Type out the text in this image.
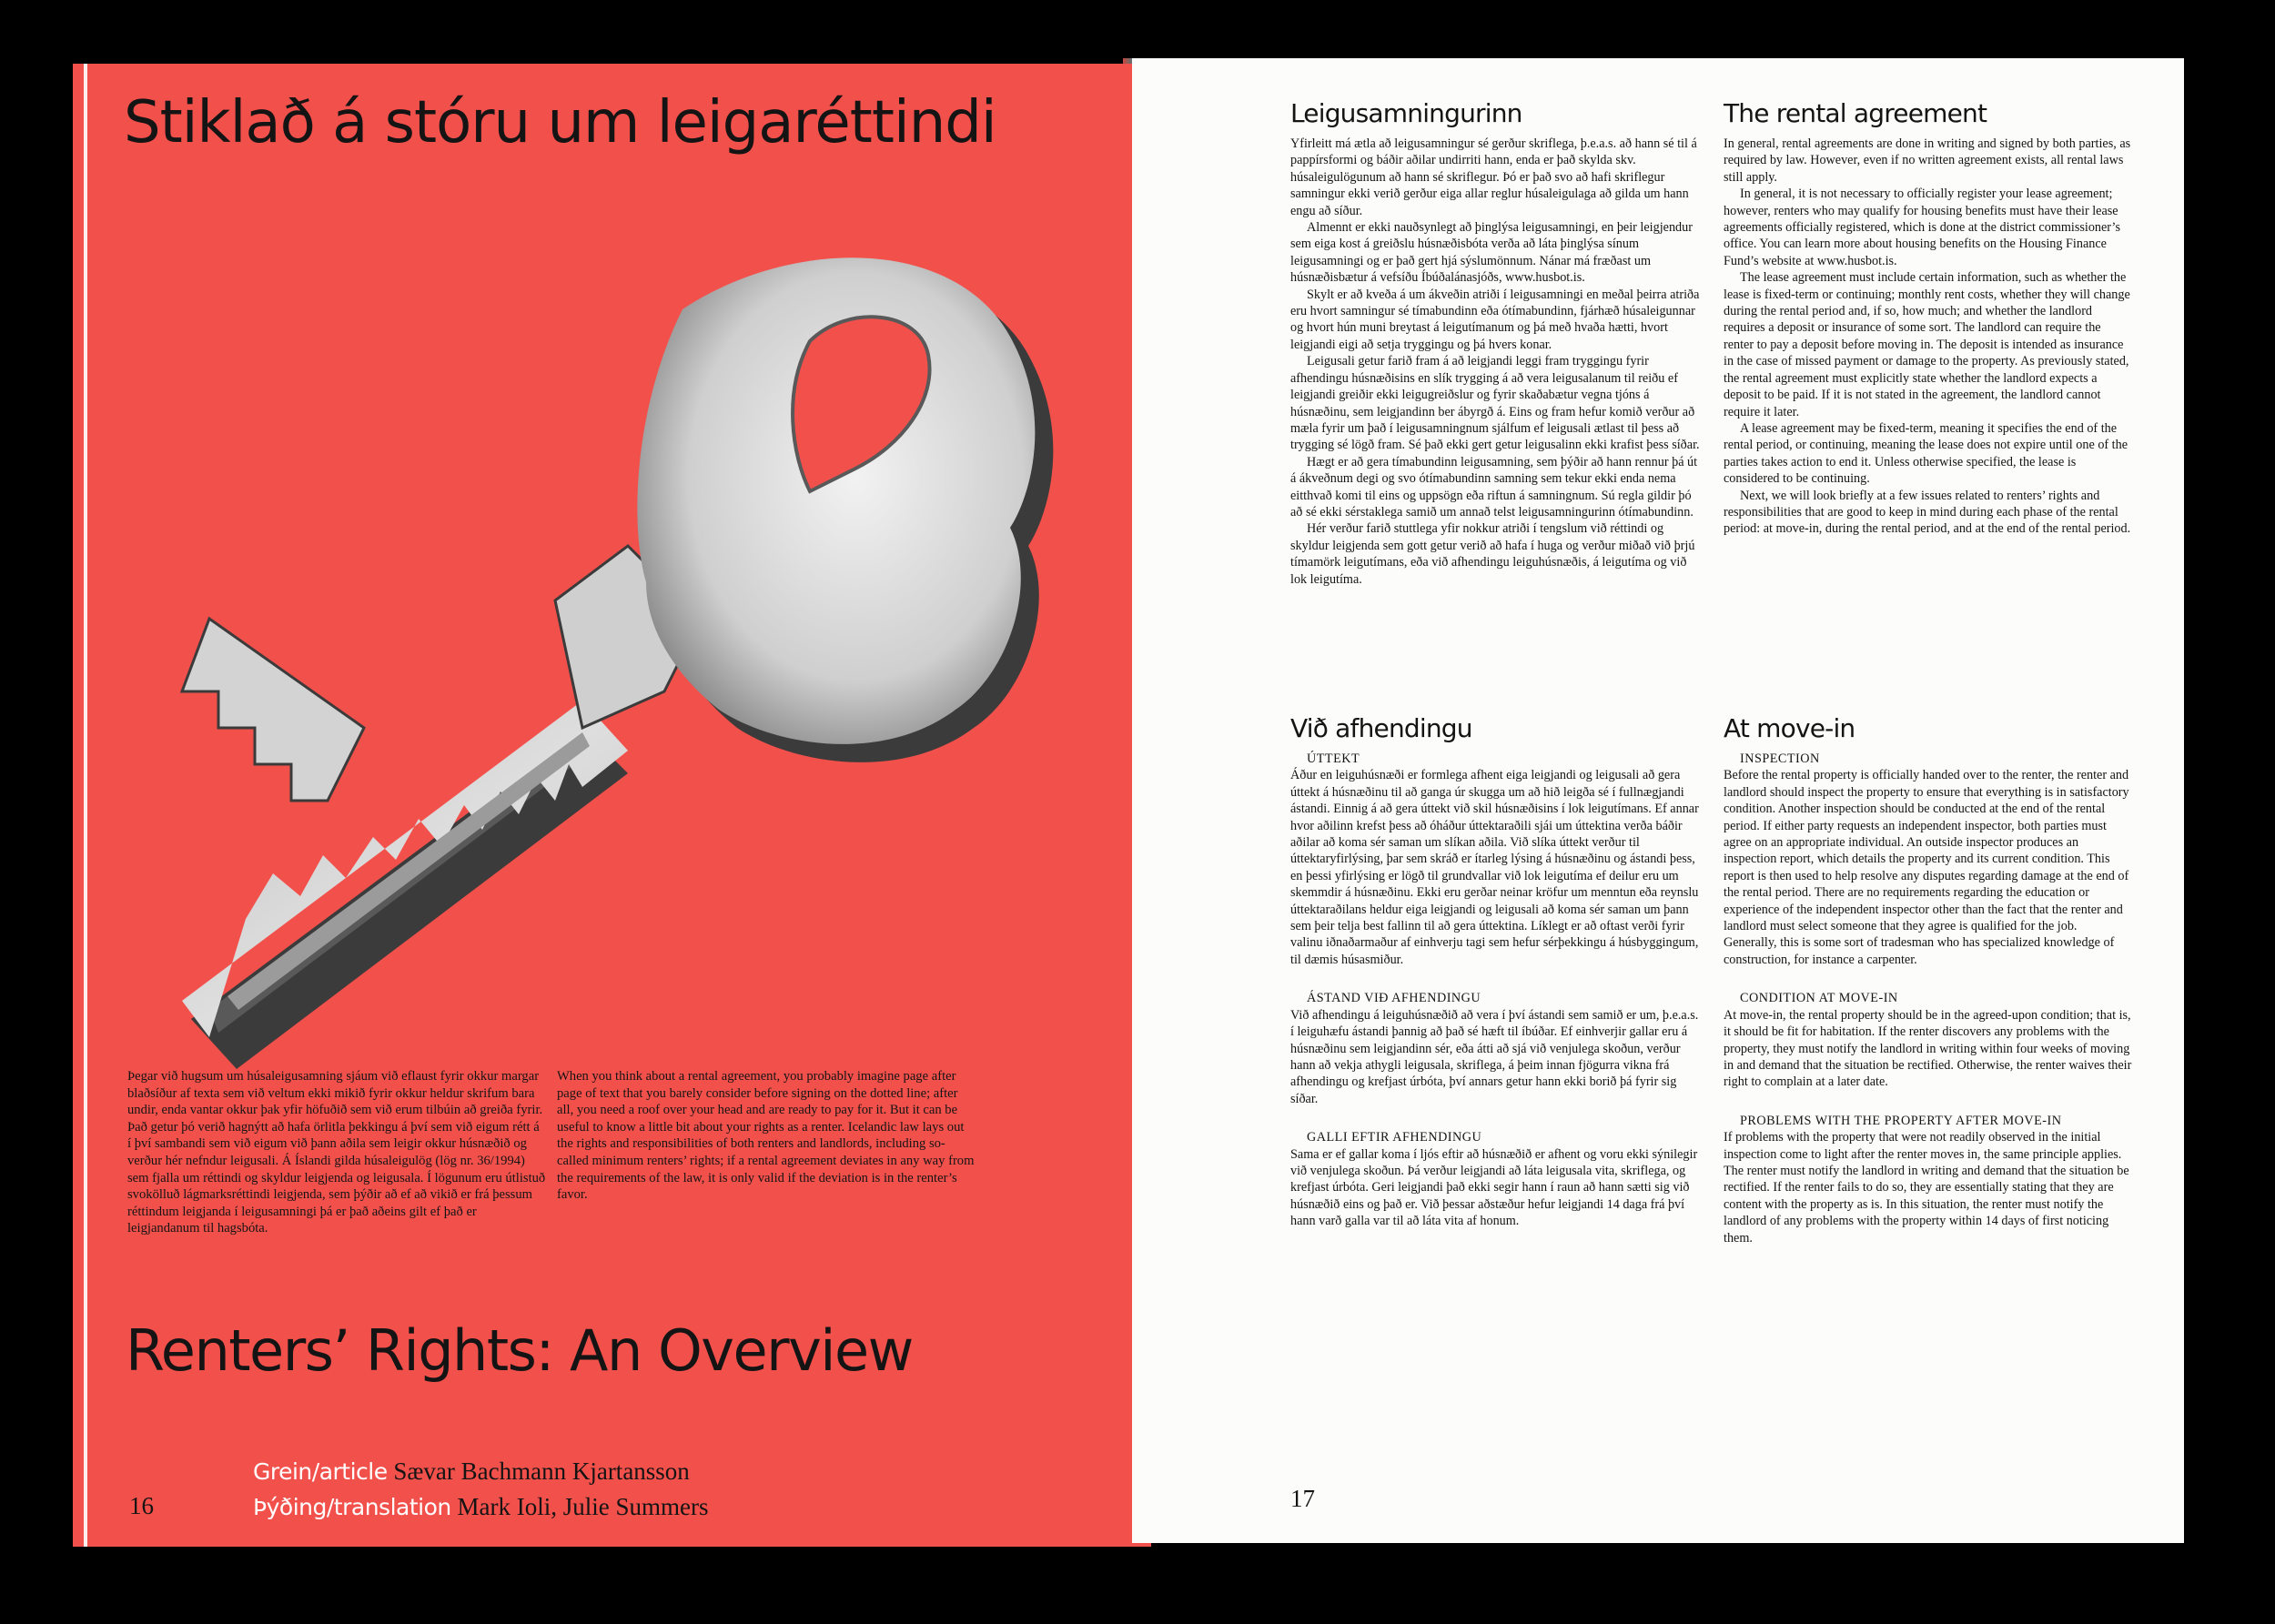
Stiklað á stóru um leigaréttindi

Þegar við hugsum um húsaleigusamning sjáum við eflaust fyrir okkur margar blaðsíður af texta sem við veltum ekki mikið fyrir okkur heldur skrifum bara undir, enda vantar okkur þak yfir höfuðið sem við erum tilbúin að greiða fyrir. Það getur þó verið hagnýtt að hafa örlitla þekkingu á því sem við eigum rétt á í því sambandi sem við eigum við þann aðila sem leigir okkur húsnæðið og verður hér nefndur leigusali. Á Íslandi gilda húsaleigulög (lög nr. 36/1994) sem fjalla um réttindi og skyldur leigjenda og leigusala. Í lögunum eru útlistuð svokölluð lágmarksréttindi leigjenda, sem þýðir að ef að vikið er frá þessum réttindum leigjanda í leigusamningi þá er það aðeins gilt ef það er leigjandanum til hagsbóta.

When you think about a rental agreement, you probably imagine page after page of text that you barely consider before signing on the dotted line; after all, you need a roof over your head and are ready to pay for it. But it can be useful to know a little bit about your rights as a renter. Icelandic law lays out the rights and responsibilities of both renters and landlords, including so-called minimum renters’ rights; if a rental agreement deviates in any way from the requirements of the law, it is only valid if the deviation is in the renter’s favor.

Renters’ Rights: An Overview
16
Grein/article Sævar Bachmann Kjartansson
Þýðing/translation Mark Ioli, Julie Summers
Leigusamningurinn

Yfirleitt má ætla að leigusamningur sé gerður skriflega, þ.e.a.s. að hann sé til á pappírsformi og báðir aðilar undirriti hann, enda er það skylda skv. húsaleigulögunum að hann sé skriflegur. Þó er það svo að hafi skriflegur samningur ekki verið gerður eiga allar reglur húsaleigulaga að gilda um hann engu að síður.

Almennt er ekki nauðsynlegt að þinglýsa leigusamningi, en þeir leigjendur sem eiga kost á greiðslu húsnæðisbóta verða að láta þinglýsa sínum leigusamningi og er það gert hjá sýslumönnum. Nánar má fræðast um húsnæðisbætur á vefsíðu Íbúðalánasjóðs, www.husbot.is.

Skylt er að kveða á um ákveðin atriði í leigusamningi en meðal þeirra atriða eru hvort samningur sé tímabundinn eða ótímabundinn, fjárhæð húsaleigunnar og hvort hún muni breytast á leigutímanum og þá með hvaða hætti, hvort leigjandi eigi að setja tryggingu og þá hvers konar.

Leigusali getur farið fram á að leigjandi leggi fram tryggingu fyrir afhendingu húsnæðisins en slík trygging á að vera leigusalanum til reiðu ef leigjandi greiðir ekki leigugreiðslur og fyrir skaðabætur vegna tjóns á húsnæðinu, sem leigjandinn ber ábyrgð á. Eins og fram hefur komið verður að mæla fyrir um það í leigusamningnum sjálfum ef leigusali ætlast til þess að trygging sé lögð fram. Sé það ekki gert getur leigusalinn ekki krafist þess síðar.

Hægt er að gera tímabundinn leigusamning, sem þýðir að hann rennur þá út á ákveðnum degi og svo ótímabundinn samning sem tekur ekki enda nema eitthvað komi til eins og uppsögn eða riftun á samningnum. Sú regla gildir þó að sé ekki sérstaklega samið um annað telst leigusamningurinn ótímabundinn.

Hér verður farið stuttlega yfir nokkur atriði í tengslum við réttindi og skyldur leigjenda sem gott getur verið að hafa í huga og verður miðað við þrjú tímamörk leigutímans, eða við afhendingu leiguhúsnæðis, á leigutíma og við lok leigutíma.

The rental agreement

In general, rental agreements are done in writing and signed by both parties, as required by law. However, even if no written agreement exists, all rental laws still apply.

In general, it is not necessary to officially register your lease agreement; however, renters who may qualify for housing benefits must have their lease agreements officially registered, which is done at the district commissioner’s office. You can learn more about housing benefits on the Housing Finance Fund’s website at www.husbot.is.

The lease agreement must include certain information, such as whether the lease is fixed-term or continuing; monthly rent costs, whether they will change during the rental period and, if so, how much; and whether the landlord requires a deposit or insurance of some sort. The landlord can require the renter to pay a deposit before moving in. The deposit is intended as insurance in the case of missed payment or damage to the property. As previously stated, the rental agreement must explicitly state whether the landlord expects a deposit to be paid. If it is not stated in the agreement, the landlord cannot require it later.

A lease agreement may be fixed-term, meaning it specifies the end of the rental period, or continuing, meaning the lease does not expire until one of the parties takes action to end it. Unless otherwise specified, the lease is considered to be continuing.

Next, we will look briefly at a few issues related to renters’ rights and responsibilities that are good to keep in mind during each phase of the rental period: at move-in, during the rental period, and at the end of the rental period.

Við afhendingu

ÚTTEKT

Áður en leiguhúsnæði er formlega afhent eiga leigjandi og leigusali að gera úttekt á húsnæðinu til að ganga úr skugga um að hið leigða sé í fullnægjandi ástandi. Einnig á að gera úttekt við skil húsnæðisins í lok leigutímans. Ef annar hvor aðilinn krefst þess að óháður úttektaraðili sjái um úttektina verða báðir aðilar að koma sér saman um slíkan aðila. Við slíka úttekt verður til úttektaryfirlýsing, þar sem skráð er ítarleg lýsing á húsnæðinu og ástandi þess, en þessi yfirlýsing er lögð til grundvallar við lok leigutíma ef deilur eru um skemmdir á húsnæðinu. Ekki eru gerðar neinar kröfur um menntun eða reynslu úttektaraðilans heldur eiga leigjandi og leigusali að koma sér saman um þann sem þeir telja best fallinn til að gera úttektina. Líklegt er að oftast verði fyrir valinu iðnaðarmaður af einhverju tagi sem hefur sérþekkingu á húsbyggingum, til dæmis húsasmiður.

ÁSTAND VIÐ AFHENDINGU

Við afhendingu á leiguhúsnæðið að vera í því ástandi sem samið er um, þ.e.a.s. í leiguhæfu ástandi þannig að það sé hæft til íbúðar. Ef einhverjir gallar eru á húsnæðinu sem leigjandinn sér, eða átti að sjá við venjulega skoðun, verður hann að vekja athygli leigusala, skriflega, á þeim innan fjögurra vikna frá afhendingu og krefjast úrbóta, því annars getur hann ekki borið þá fyrir sig síðar.

GALLI EFTIR AFHENDINGU

Sama er ef gallar koma í ljós eftir að húsnæðið er afhent og voru ekki sýnilegir við venjulega skoðun. Þá verður leigjandi að láta leigusala vita, skriflega, og krefjast úrbóta. Geri leigjandi það ekki segir hann í raun að hann sætti sig við húsnæðið eins og það er. Við þessar aðstæður hefur leigjandi 14 daga frá því hann varð galla var til að láta vita af honum.

At move-in

INSPECTION

Before the rental property is officially handed over to the renter, the renter and landlord should inspect the property to ensure that everything is in satisfactory condition. Another inspection should be conducted at the end of the rental period. If either party requests an independent inspector, both parties must agree on an appropriate individual. An outside inspector produces an inspection report, which details the property and its current condition. This report is then used to help resolve any disputes regarding damage at the end of the rental period. There are no requirements regarding the education or experience of the independent inspector other than the fact that the renter and landlord must select someone that they agree is qualified for the job. Generally, this is some sort of tradesman who has specialized knowledge of construction, for instance a carpenter.

CONDITION AT MOVE-IN

At move-in, the rental property should be in the agreed-upon condition; that is, it should be fit for habitation. If the renter discovers any problems with the property, they must notify the landlord in writing within four weeks of moving in and demand that the situation be rectified. Otherwise, the renter waives their right to complain at a later date.

PROBLEMS WITH THE PROPERTY AFTER MOVE-IN

If problems with the property that were not readily observed in the initial inspection come to light after the renter moves in, the same principle applies. The renter must notify the landlord in writing and demand that the situation be rectified. If the renter fails to do so, they are essentially stating that they are content with the property as is. In this situation, the renter must notify the landlord of any problems with the property within 14 days of first noticing them.

17
